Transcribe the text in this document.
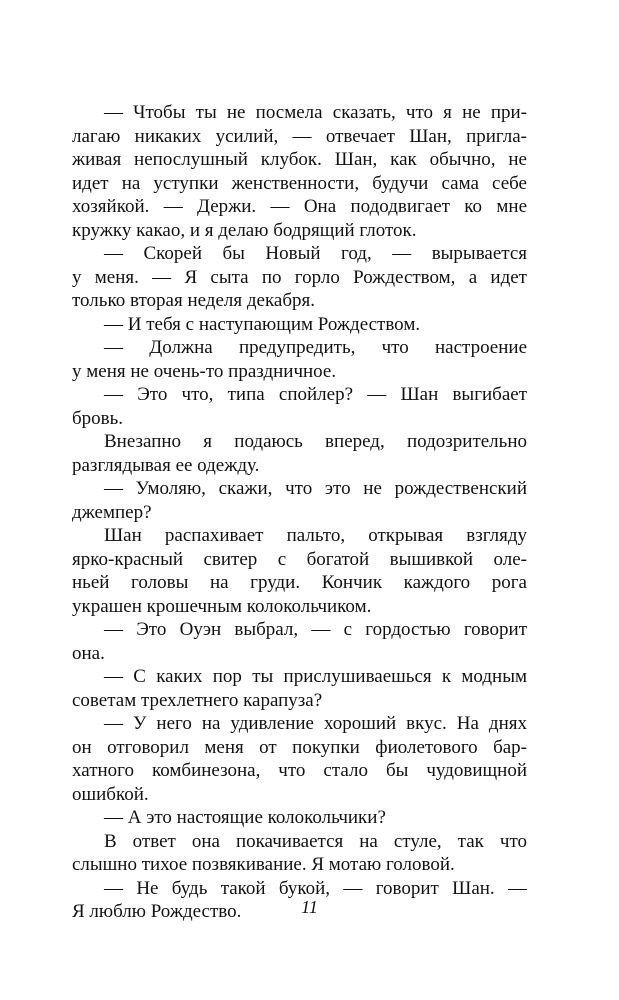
— Чтобы ты не посмела сказать, что я не при-
лагаю никаких усилий, — отвечает Шан, пригла-
живая непослушный клубок. Шан, как обычно, не
идет на уступки женственности, будучи сама себе
хозяйкой. — Держи. — Она пододвигает ко мне
кружку какао, и я делаю бодрящий глоток.
— Скорей бы Новый год, — вырывается
у меня. — Я сыта по горло Рождеством, а идет
только вторая неделя декабря.
— И тебя с наступающим Рождеством.
— Должна предупредить, что настроение
у меня не очень-то праздничное.
— Это что, типа спойлер? — Шан выгибает
бровь.
Внезапно я подаюсь вперед, подозрительно
разглядывая ее одежду.
— Умоляю, скажи, что это не рождественский
джемпер?
Шан распахивает пальто, открывая взгляду
ярко-красный свитер с богатой вышивкой оле-
ньей головы на груди. Кончик каждого рога
украшен крошечным колокольчиком.
— Это Оуэн выбрал, — с гордостью говорит
она.
— С каких пор ты прислушиваешься к модным
советам трехлетнего карапуза?
— У него на удивление хороший вкус. На днях
он отговорил меня от покупки фиолетового бар-
хатного комбинезона, что стало бы чудовищной
ошибкой.
— А это настоящие колокольчики?
В ответ она покачивается на стуле, так что
слышно тихое позвякивание. Я мотаю головой.
— Не будь такой букой, — говорит Шан. —
Я люблю Рождество.	11
